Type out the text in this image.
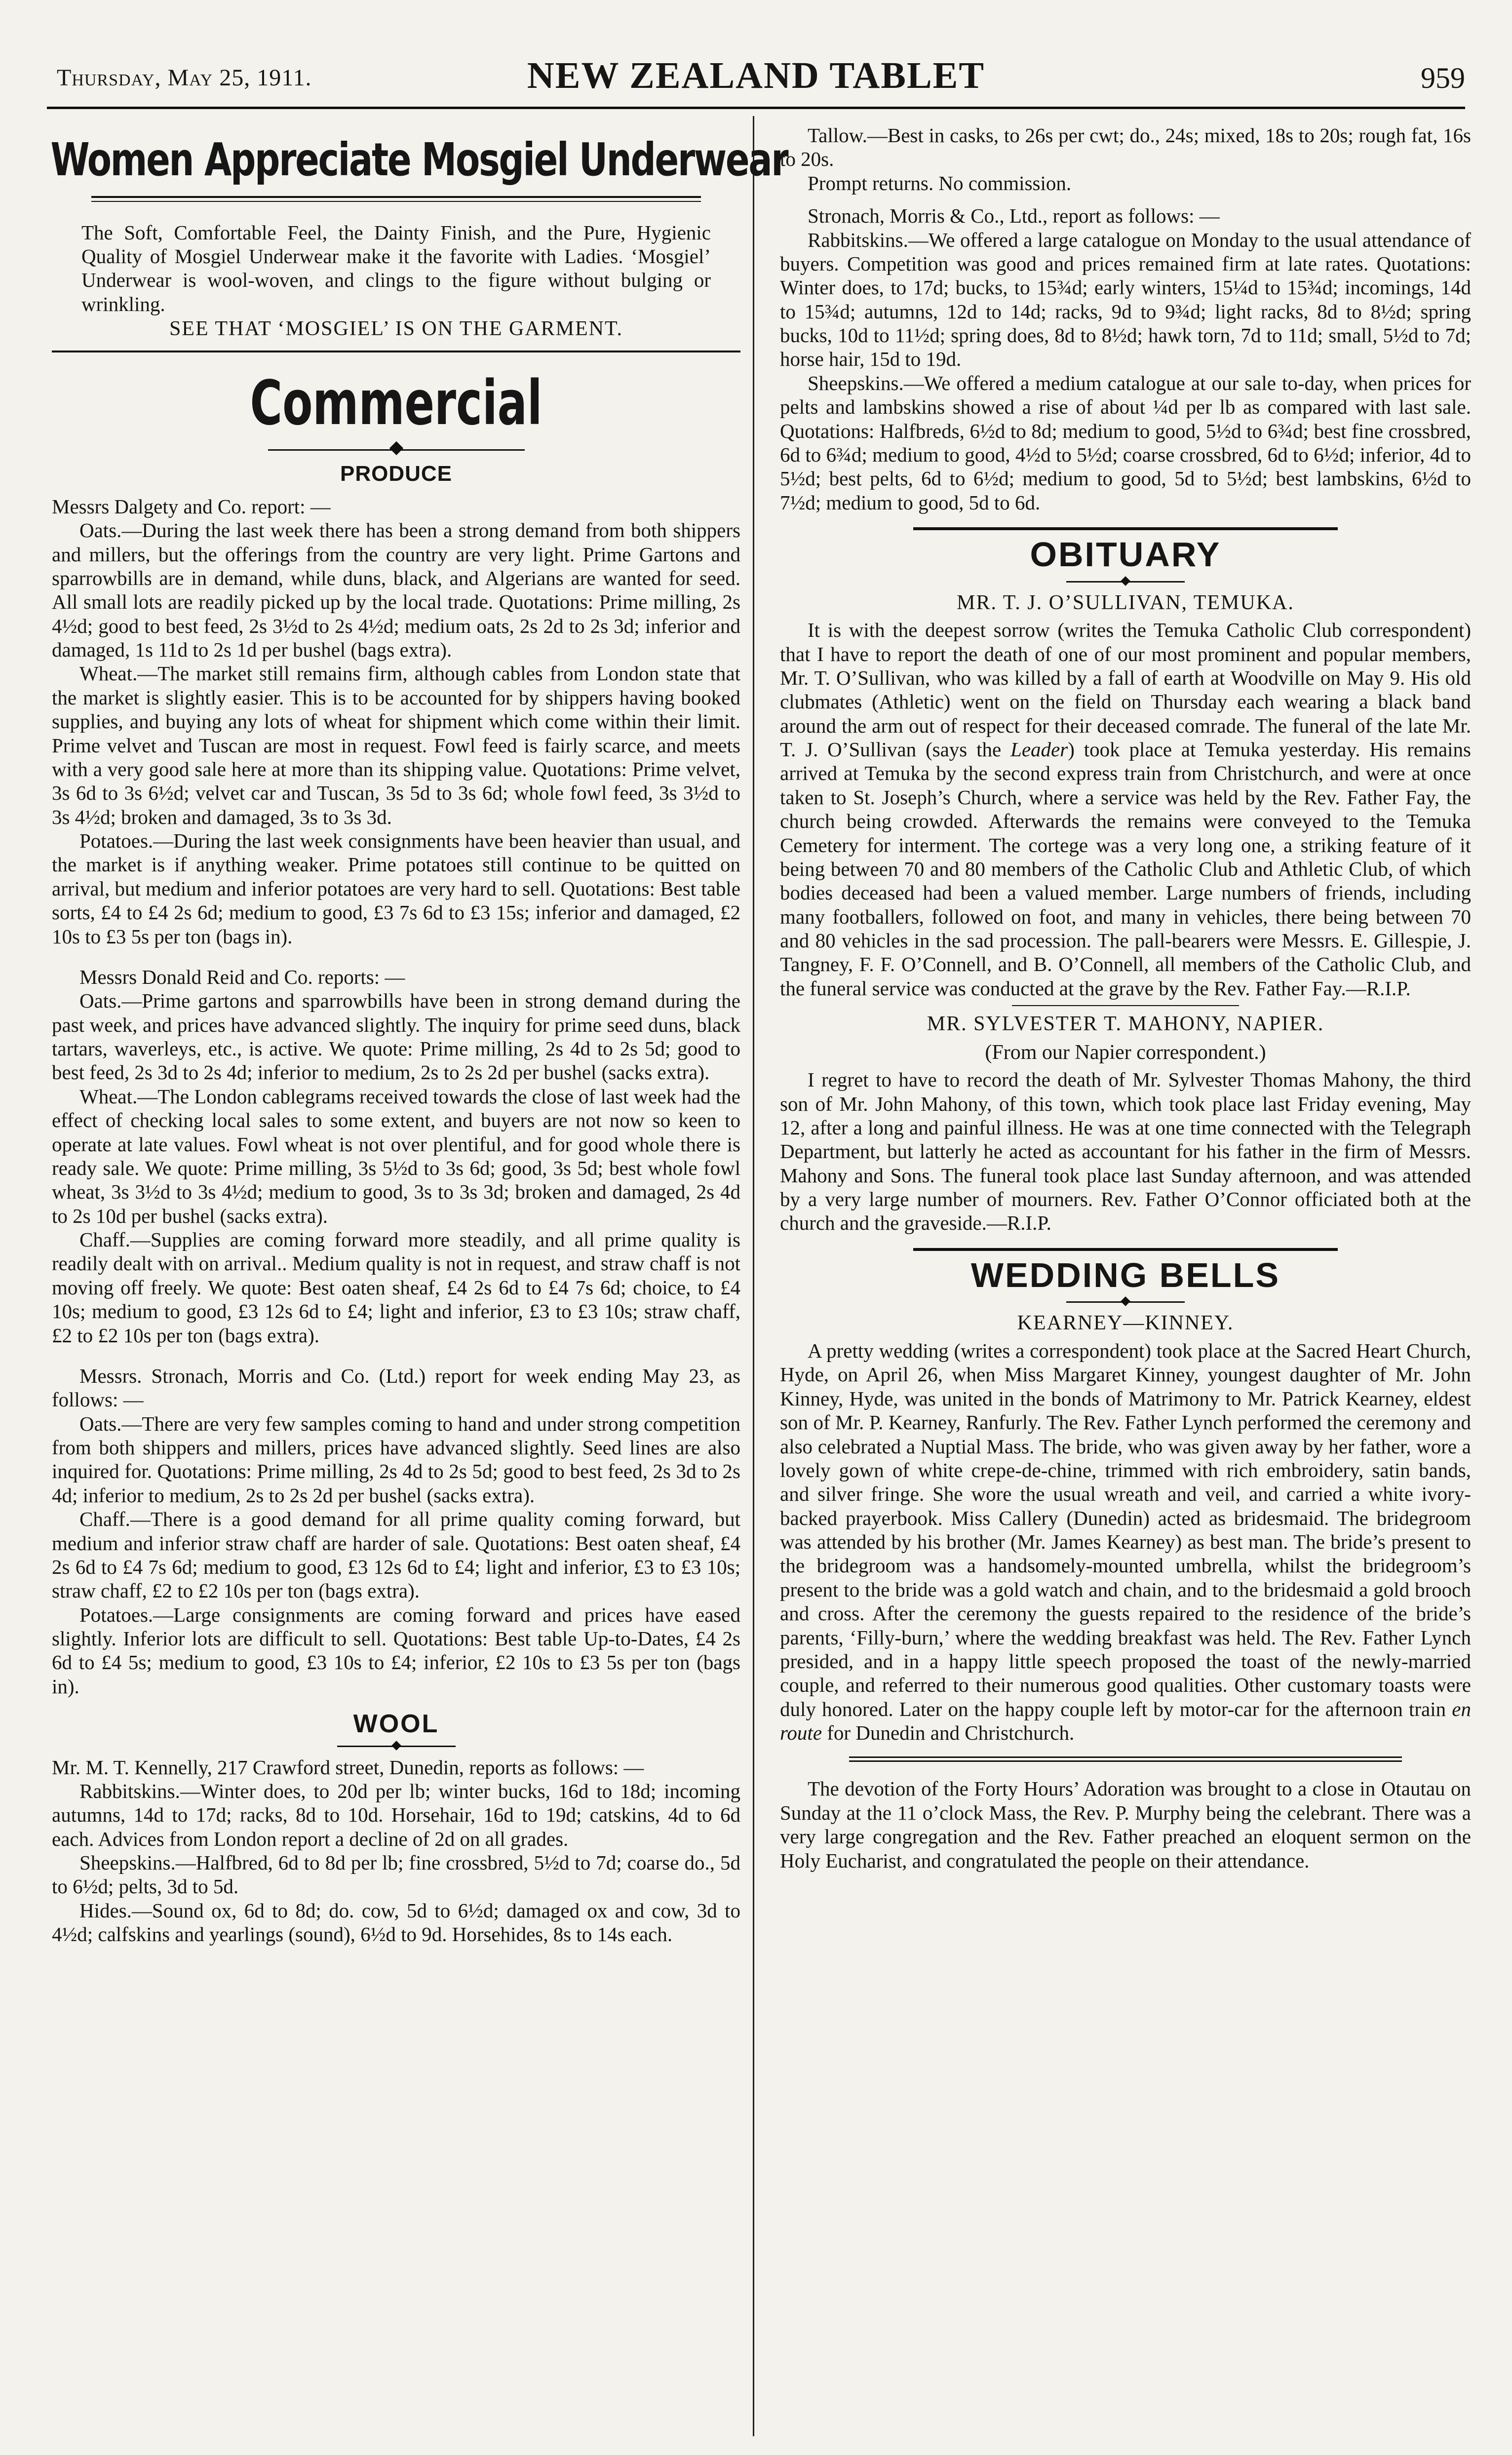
Thursday, May 25, 1911.	NEW ZEALAND TABLET	959
Women Appreciate Mosgiel Underwear

The Soft, Comfortable Feel, the Dainty Finish, and the Pure, Hygienic Quality of Mosgiel Underwear make it the favorite with Ladies. ‘Mosgiel’ Underwear is wool-woven, and clings to the figure without bulging or wrinkling.

SEE THAT ‘MOSGIEL’ IS ON THE GARMENT.
Commercial
PRODUCE

Messrs Dalgety and Co. report: —

Oats.—During the last week there has been a strong demand from both shippers and millers, but the offerings from the country are very light. Prime Gartons and sparrowbills are in demand, while duns, black, and Algerians are wanted for seed. All small lots are readily picked up by the local trade. Quotations: Prime milling, 2s 4½d; good to best feed, 2s 3½d to 2s 4½d; medium oats, 2s 2d to 2s 3d; inferior and damaged, 1s 11d to 2s 1d per bushel (bags extra).

Wheat.—The market still remains firm, although cables from London state that the market is slightly easier. This is to be accounted for by shippers having booked supplies, and buying any lots of wheat for shipment which come within their limit. Prime velvet and Tuscan are most in request. Fowl feed is fairly scarce, and meets with a very good sale here at more than its shipping value. Quotations: Prime velvet, 3s 6d to 3s 6½d; velvet car and Tuscan, 3s 5d to 3s 6d; whole fowl feed, 3s 3½d to 3s 4½d; broken and damaged, 3s to 3s 3d.

Potatoes.—During the last week consignments have been heavier than usual, and the market is if anything weaker. Prime potatoes still continue to be quitted on arrival, but medium and inferior potatoes are very hard to sell. Quotations: Best table sorts, £4 to £4 2s 6d; medium to good, £3 7s 6d to £3 15s; inferior and damaged, £2 10s to £3 5s per ton (bags in).

Messrs Donald Reid and Co. reports: —

Oats.—Prime gartons and sparrowbills have been in strong demand during the past week, and prices have advanced slightly. The inquiry for prime seed duns, black tartars, waverleys, etc., is active. We quote: Prime milling, 2s 4d to 2s 5d; good to best feed, 2s 3d to 2s 4d; inferior to medium, 2s to 2s 2d per bushel (sacks extra).

Wheat.—The London cablegrams received towards the close of last week had the effect of checking local sales to some extent, and buyers are not now so keen to operate at late values. Fowl wheat is not over plentiful, and for good whole there is ready sale. We quote: Prime milling, 3s 5½d to 3s 6d; good, 3s 5d; best whole fowl wheat, 3s 3½d to 3s 4½d; medium to good, 3s to 3s 3d; broken and damaged, 2s 4d to 2s 10d per bushel (sacks extra).

Chaff.—Supplies are coming forward more steadily, and all prime quality is readily dealt with on arrival.. Medium quality is not in request, and straw chaff is not moving off freely. We quote: Best oaten sheaf, £4 2s 6d to £4 7s 6d; choice, to £4 10s; medium to good, £3 12s 6d to £4; light and inferior, £3 to £3 10s; straw chaff, £2 to £2 10s per ton (bags extra).

Messrs. Stronach, Morris and Co. (Ltd.) report for week ending May 23, as follows: —

Oats.—There are very few samples coming to hand and under strong competition from both shippers and millers, prices have advanced slightly. Seed lines are also inquired for. Quotations: Prime milling, 2s 4d to 2s 5d; good to best feed, 2s 3d to 2s 4d; inferior to medium, 2s to 2s 2d per bushel (sacks extra).

Chaff.—There is a good demand for all prime quality coming forward, but medium and inferior straw chaff are harder of sale. Quotations: Best oaten sheaf, £4 2s 6d to £4 7s 6d; medium to good, £3 12s 6d to £4; light and inferior, £3 to £3 10s; straw chaff, £2 to £2 10s per ton (bags extra).

Potatoes.—Large consignments are coming forward and prices have eased slightly. Inferior lots are difficult to sell. Quotations: Best table Up-to-Dates, £4 2s 6d to £4 5s; medium to good, £3 10s to £4; inferior, £2 10s to £3 5s per ton (bags in).

WOOL

Mr. M. T. Kennelly, 217 Crawford street, Dunedin, reports as follows: —

Rabbitskins.—Winter does, to 20d per lb; winter bucks, 16d to 18d; incoming autumns, 14d to 17d; racks, 8d to 10d. Horsehair, 16d to 19d; catskins, 4d to 6d each. Advices from London report a decline of 2d on all grades.

Sheepskins.—Halfbred, 6d to 8d per lb; fine crossbred, 5½d to 7d; coarse do., 5d to 6½d; pelts, 3d to 5d.

Hides.—Sound ox, 6d to 8d; do. cow, 5d to 6½d; damaged ox and cow, 3d to 4½d; calfskins and yearlings (sound), 6½d to 9d. Horsehides, 8s to 14s each.

Tallow.—Best in casks, to 26s per cwt; do., 24s; mixed, 18s to 20s; rough fat, 16s to 20s.

Prompt returns. No commission.

Stronach, Morris & Co., Ltd., report as follows: —

Rabbitskins.—We offered a large catalogue on Monday to the usual attendance of buyers. Competition was good and prices remained firm at late rates. Quotations: Winter does, to 17d; bucks, to 15¾d; early winters, 15¼d to 15¾d; incomings, 14d to 15¾d; autumns, 12d to 14d; racks, 9d to 9¾d; light racks, 8d to 8½d; spring bucks, 10d to 11½d; spring does, 8d to 8½d; hawk torn, 7d to 11d; small, 5½d to 7d; horse hair, 15d to 19d.

Sheepskins.—We offered a medium catalogue at our sale to-day, when prices for pelts and lambskins showed a rise of about ¼d per lb as compared with last sale. Quotations: Halfbreds, 6½d to 8d; medium to good, 5½d to 6¾d; best fine crossbred, 6d to 6¾d; medium to good, 4½d to 5½d; coarse crossbred, 6d to 6½d; inferior, 4d to 5½d; best pelts, 6d to 6½d; medium to good, 5d to 5½d; best lambskins, 6½d to 7½d; medium to good, 5d to 6d.

OBITUARY
MR. T. J. O’SULLIVAN, TEMUKA.

It is with the deepest sorrow (writes the Temuka Catholic Club correspondent) that I have to report the death of one of our most prominent and popular members, Mr. T. O’Sullivan, who was killed by a fall of earth at Woodville on May 9. His old clubmates (Athletic) went on the field on Thursday each wearing a black band around the arm out of respect for their deceased comrade. The funeral of the late Mr. T. J. O’Sullivan (says the Leader) took place at Temuka yesterday. His remains arrived at Temuka by the second express train from Christchurch, and were at once taken to St. Joseph’s Church, where a service was held by the Rev. Father Fay, the church being crowded. Afterwards the remains were conveyed to the Temuka Cemetery for interment. The cortege was a very long one, a striking feature of it being between 70 and 80 members of the Catholic Club and Athletic Club, of which bodies deceased had been a valued member. Large numbers of friends, including many footballers, followed on foot, and many in vehicles, there being between 70 and 80 vehicles in the sad procession. The pall-bearers were Messrs. E. Gillespie, J. Tangney, F. F. O’Connell, and B. O’Connell, all members of the Catholic Club, and the funeral service was conducted at the grave by the Rev. Father Fay.—R.I.P.

MR. SYLVESTER T. MAHONY, NAPIER.
(From our Napier correspondent.)

I regret to have to record the death of Mr. Sylvester Thomas Mahony, the third son of Mr. John Mahony, of this town, which took place last Friday evening, May 12, after a long and painful illness. He was at one time connected with the Telegraph Department, but latterly he acted as accountant for his father in the firm of Messrs. Mahony and Sons. The funeral took place last Sunday afternoon, and was attended by a very large number of mourners. Rev. Father O’Connor officiated both at the church and the graveside.—R.I.P.

WEDDING BELLS
KEARNEY—KINNEY.

A pretty wedding (writes a correspondent) took place at the Sacred Heart Church, Hyde, on April 26, when Miss Margaret Kinney, youngest daughter of Mr. John Kinney, Hyde, was united in the bonds of Matrimony to Mr. Patrick Kearney, eldest son of Mr. P. Kearney, Ranfurly. The Rev. Father Lynch performed the ceremony and also celebrated a Nuptial Mass. The bride, who was given away by her father, wore a lovely gown of white crepe-de-chine, trimmed with rich embroidery, satin bands, and silver fringe. She wore the usual wreath and veil, and carried a white ivory-backed prayerbook. Miss Callery (Dunedin) acted as bridesmaid. The bridegroom was attended by his brother (Mr. James Kearney) as best man. The bride’s present to the bridegroom was a handsomely-mounted umbrella, whilst the bridegroom’s present to the bride was a gold watch and chain, and to the bridesmaid a gold brooch and cross. After the ceremony the guests repaired to the residence of the bride’s parents, ‘Filly-burn,’ where the wedding breakfast was held. The Rev. Father Lynch presided, and in a happy little speech proposed the toast of the newly-married couple, and referred to their numerous good qualities. Other customary toasts were duly honored. Later on the happy couple left by motor-car for the afternoon train en route for Dunedin and Christchurch.

The devotion of the Forty Hours’ Adoration was brought to a close in Otautau on Sunday at the 11 o’clock Mass, the Rev. P. Murphy being the celebrant. There was a very large congregation and the Rev. Father preached an eloquent sermon on the Holy Eucharist, and congratulated the people on their attendance.
